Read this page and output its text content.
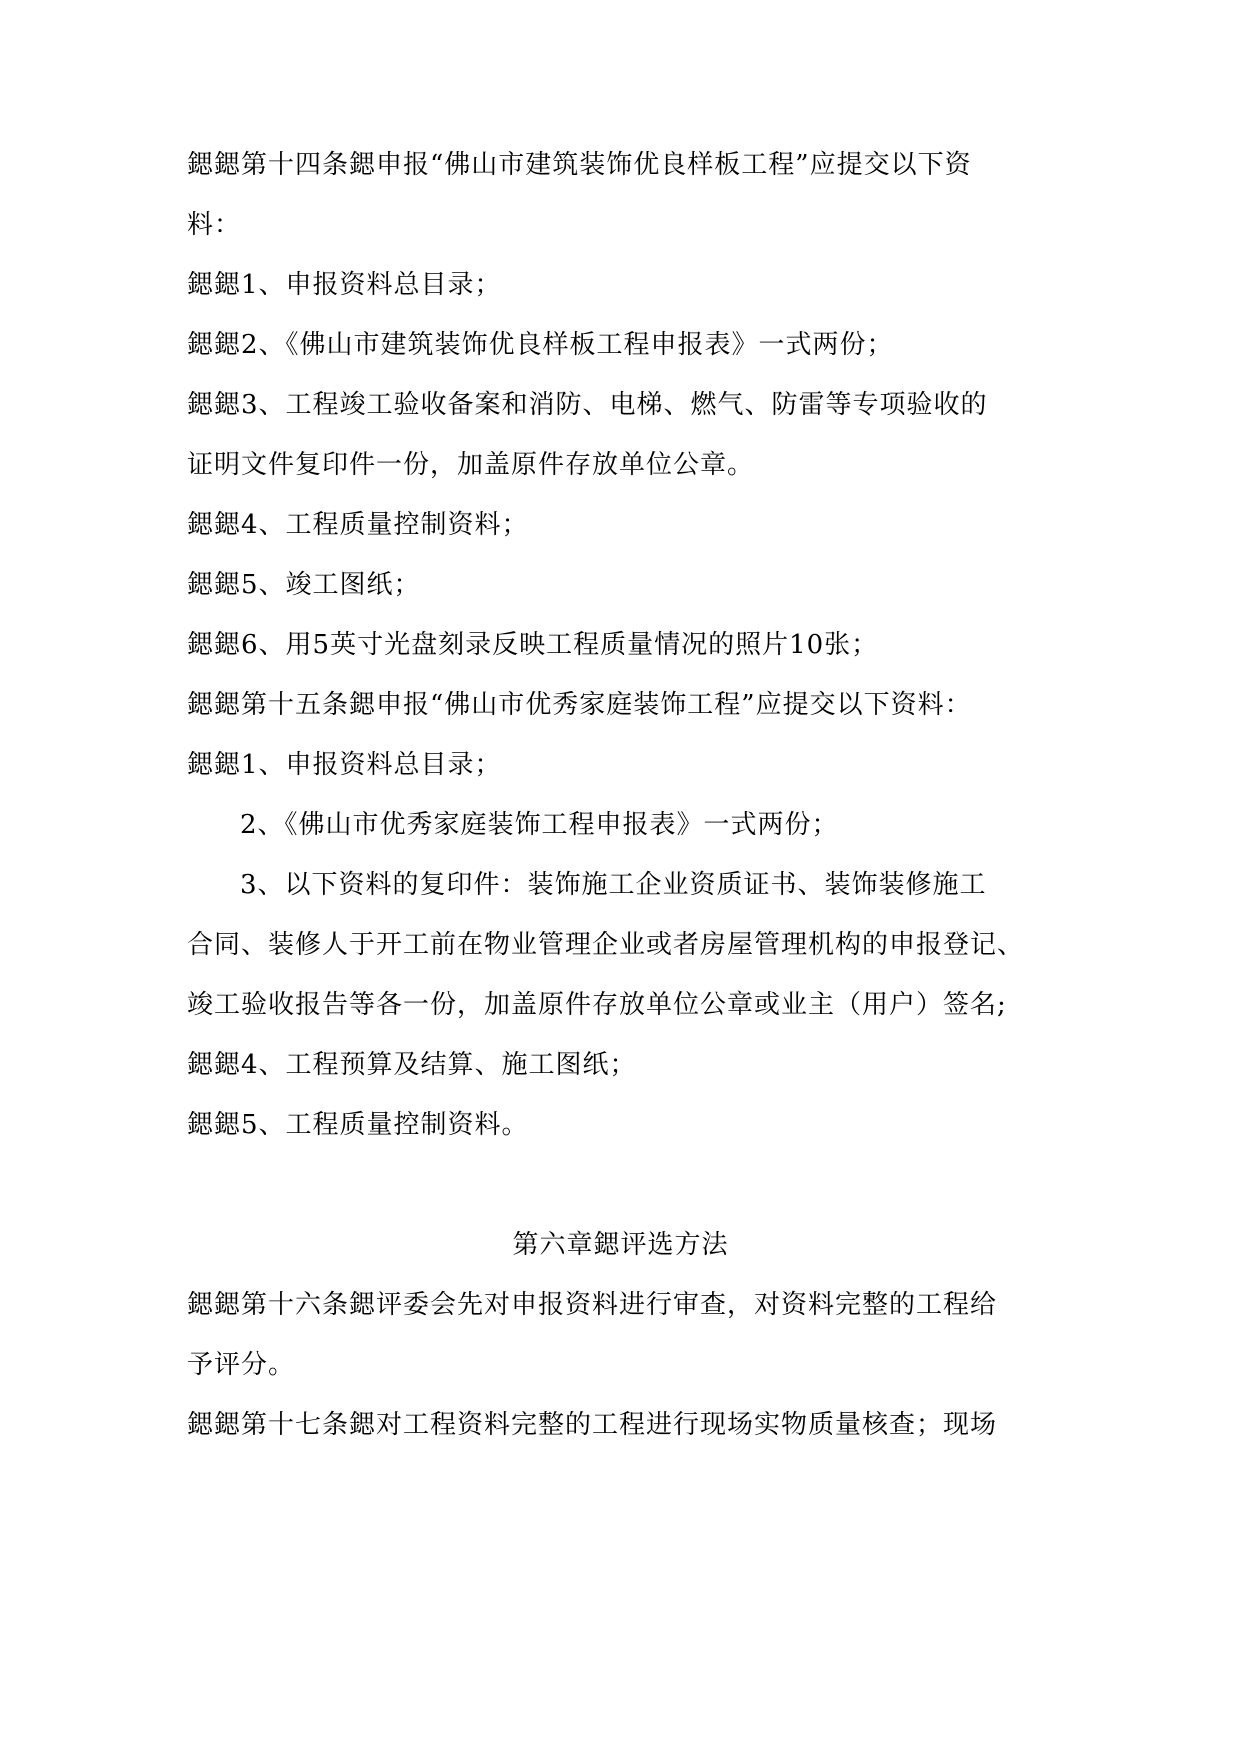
鍶鍶第十四条鍶申报“佛山市建筑装饰优良样板工程”应提交以下资

料：

鍶鍶1、申报资料总目录；

鍶鍶2、《佛山市建筑装饰优良样板工程申报表》一式两份；

鍶鍶3、工程竣工验收备案和消防、电梯、燃气、防雷等专项验收的

证明文件复印件一份，加盖原件存放单位公章。

鍶鍶4、工程质量控制资料；

鍶鍶5、竣工图纸；

鍶鍶6、用5英寸光盘刻录反映工程质量情况的照片10张；

鍶鍶第十五条鍶申报“佛山市优秀家庭装饰工程”应提交以下资料：

鍶鍶1、申报资料总目录；

2、《佛山市优秀家庭装饰工程申报表》一式两份；

3、以下资料的复印件：装饰施工企业资质证书、装饰装修施工

合同、装修人于开工前在物业管理企业或者房屋管理机构的申报登记、

竣工验收报告等各一份，加盖原件存放单位公章或业主（用户）签名;

鍶鍶4、工程预算及结算、施工图纸；

鍶鍶5、工程质量控制资料。

第六章鍶评选方法

鍶鍶第十六条鍶评委会先对申报资料进行审查，对资料完整的工程给

予评分。

鍶鍶第十七条鍶对工程资料完整的工程进行现场实物质量核查；现场
